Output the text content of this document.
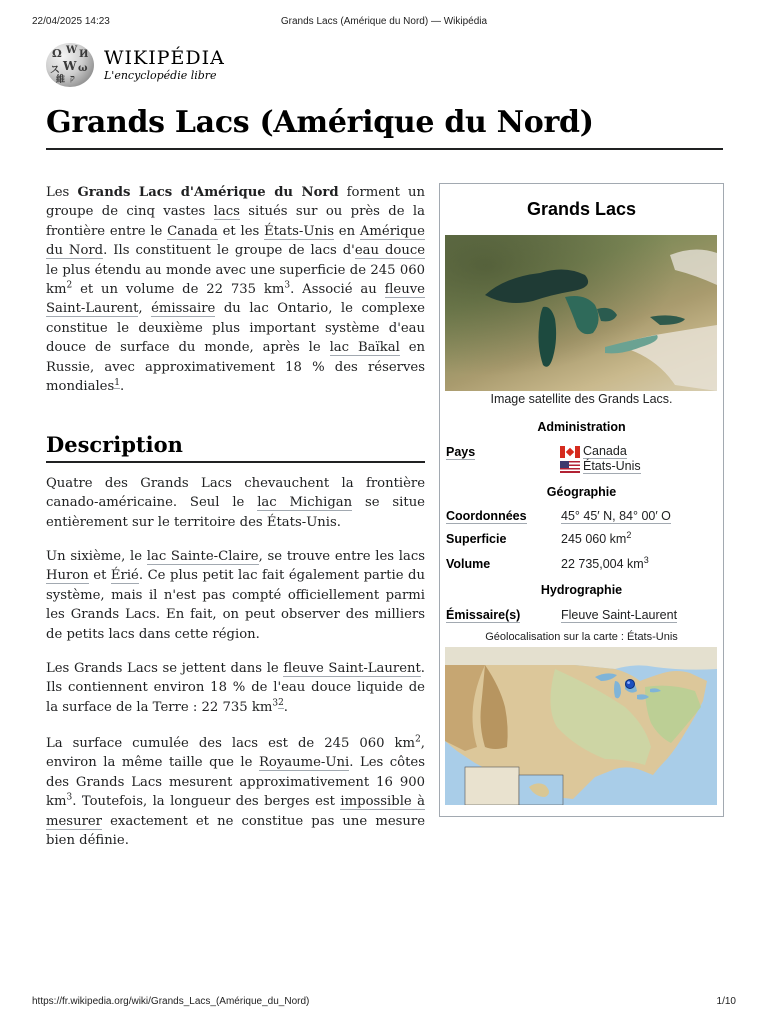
22/04/2025 14:23	Grands Lacs (Amérique du Nord) — Wikipédia
Ω W И
ス W ω
維 ק
WIKIPÉDIA
L'encyclopédie libre
Grands Lacs (Amérique du Nord)

Les Grands Lacs d'Amérique du Nord forment un groupe de cinq vastes lacs situés sur ou près de la frontière entre le Canada et les États-Unis en Amérique du Nord. Ils constituent le groupe de lacs d'eau douce le plus étendu au monde avec une superficie de 245 060 $km^2$ et un volume de 22 735 $km^3$. Associé au fleuve Saint-Laurent, émissaire du lac Ontario, le complexe constitue le deuxième plus important système d'eau douce de surface du monde, après le lac Baïkal en Russie, avec approximativement 18 % des réserves mondiales$^1$.

Description

Quatre des Grands Lacs chevauchent la frontière canado-américaine. Seul le lac Michigan se situe entièrement sur le territoire des États-Unis.

Un sixième, le lac Sainte-Claire, se trouve entre les lacs Huron et Érié. Ce plus petit lac fait également partie du système, mais il n'est pas compté officiellement parmi les Grands Lacs. En fait, on peut observer des milliers de petits lacs dans cette région.

Les Grands Lacs se jettent dans le fleuve Saint-Laurent. Ils contiennent environ 18 % de l'eau douce liquide de la surface de la Terre : 22 735 $km^{32}$.

La surface cumulée des lacs est de 245 060 $km^2$, environ la même taille que le Royaume-Uni. Les côtes des Grands Lacs mesurent approximativement 16 900 $km^3$. Toutefois, la longueur des berges est impossible à mesurer exactement et ne constitue pas une mesure bien définie.

Grands Lacs
Image satellite des Grands Lacs.
Administration
Pays	Canada
États-Unis
Géographie
Coordonnées	45° 45′ N, 84° 00′ O
Superficie	245 060 $km^2$
Volume	22 735,004 $km^3$
Hydrographie
Émissaire(s)	Fleuve Saint-Laurent
Géolocalisation sur la carte : États-Unis
https://fr.wikipedia.org/wiki/Grands_Lacs_(Amérique_du_Nord)	1/10
